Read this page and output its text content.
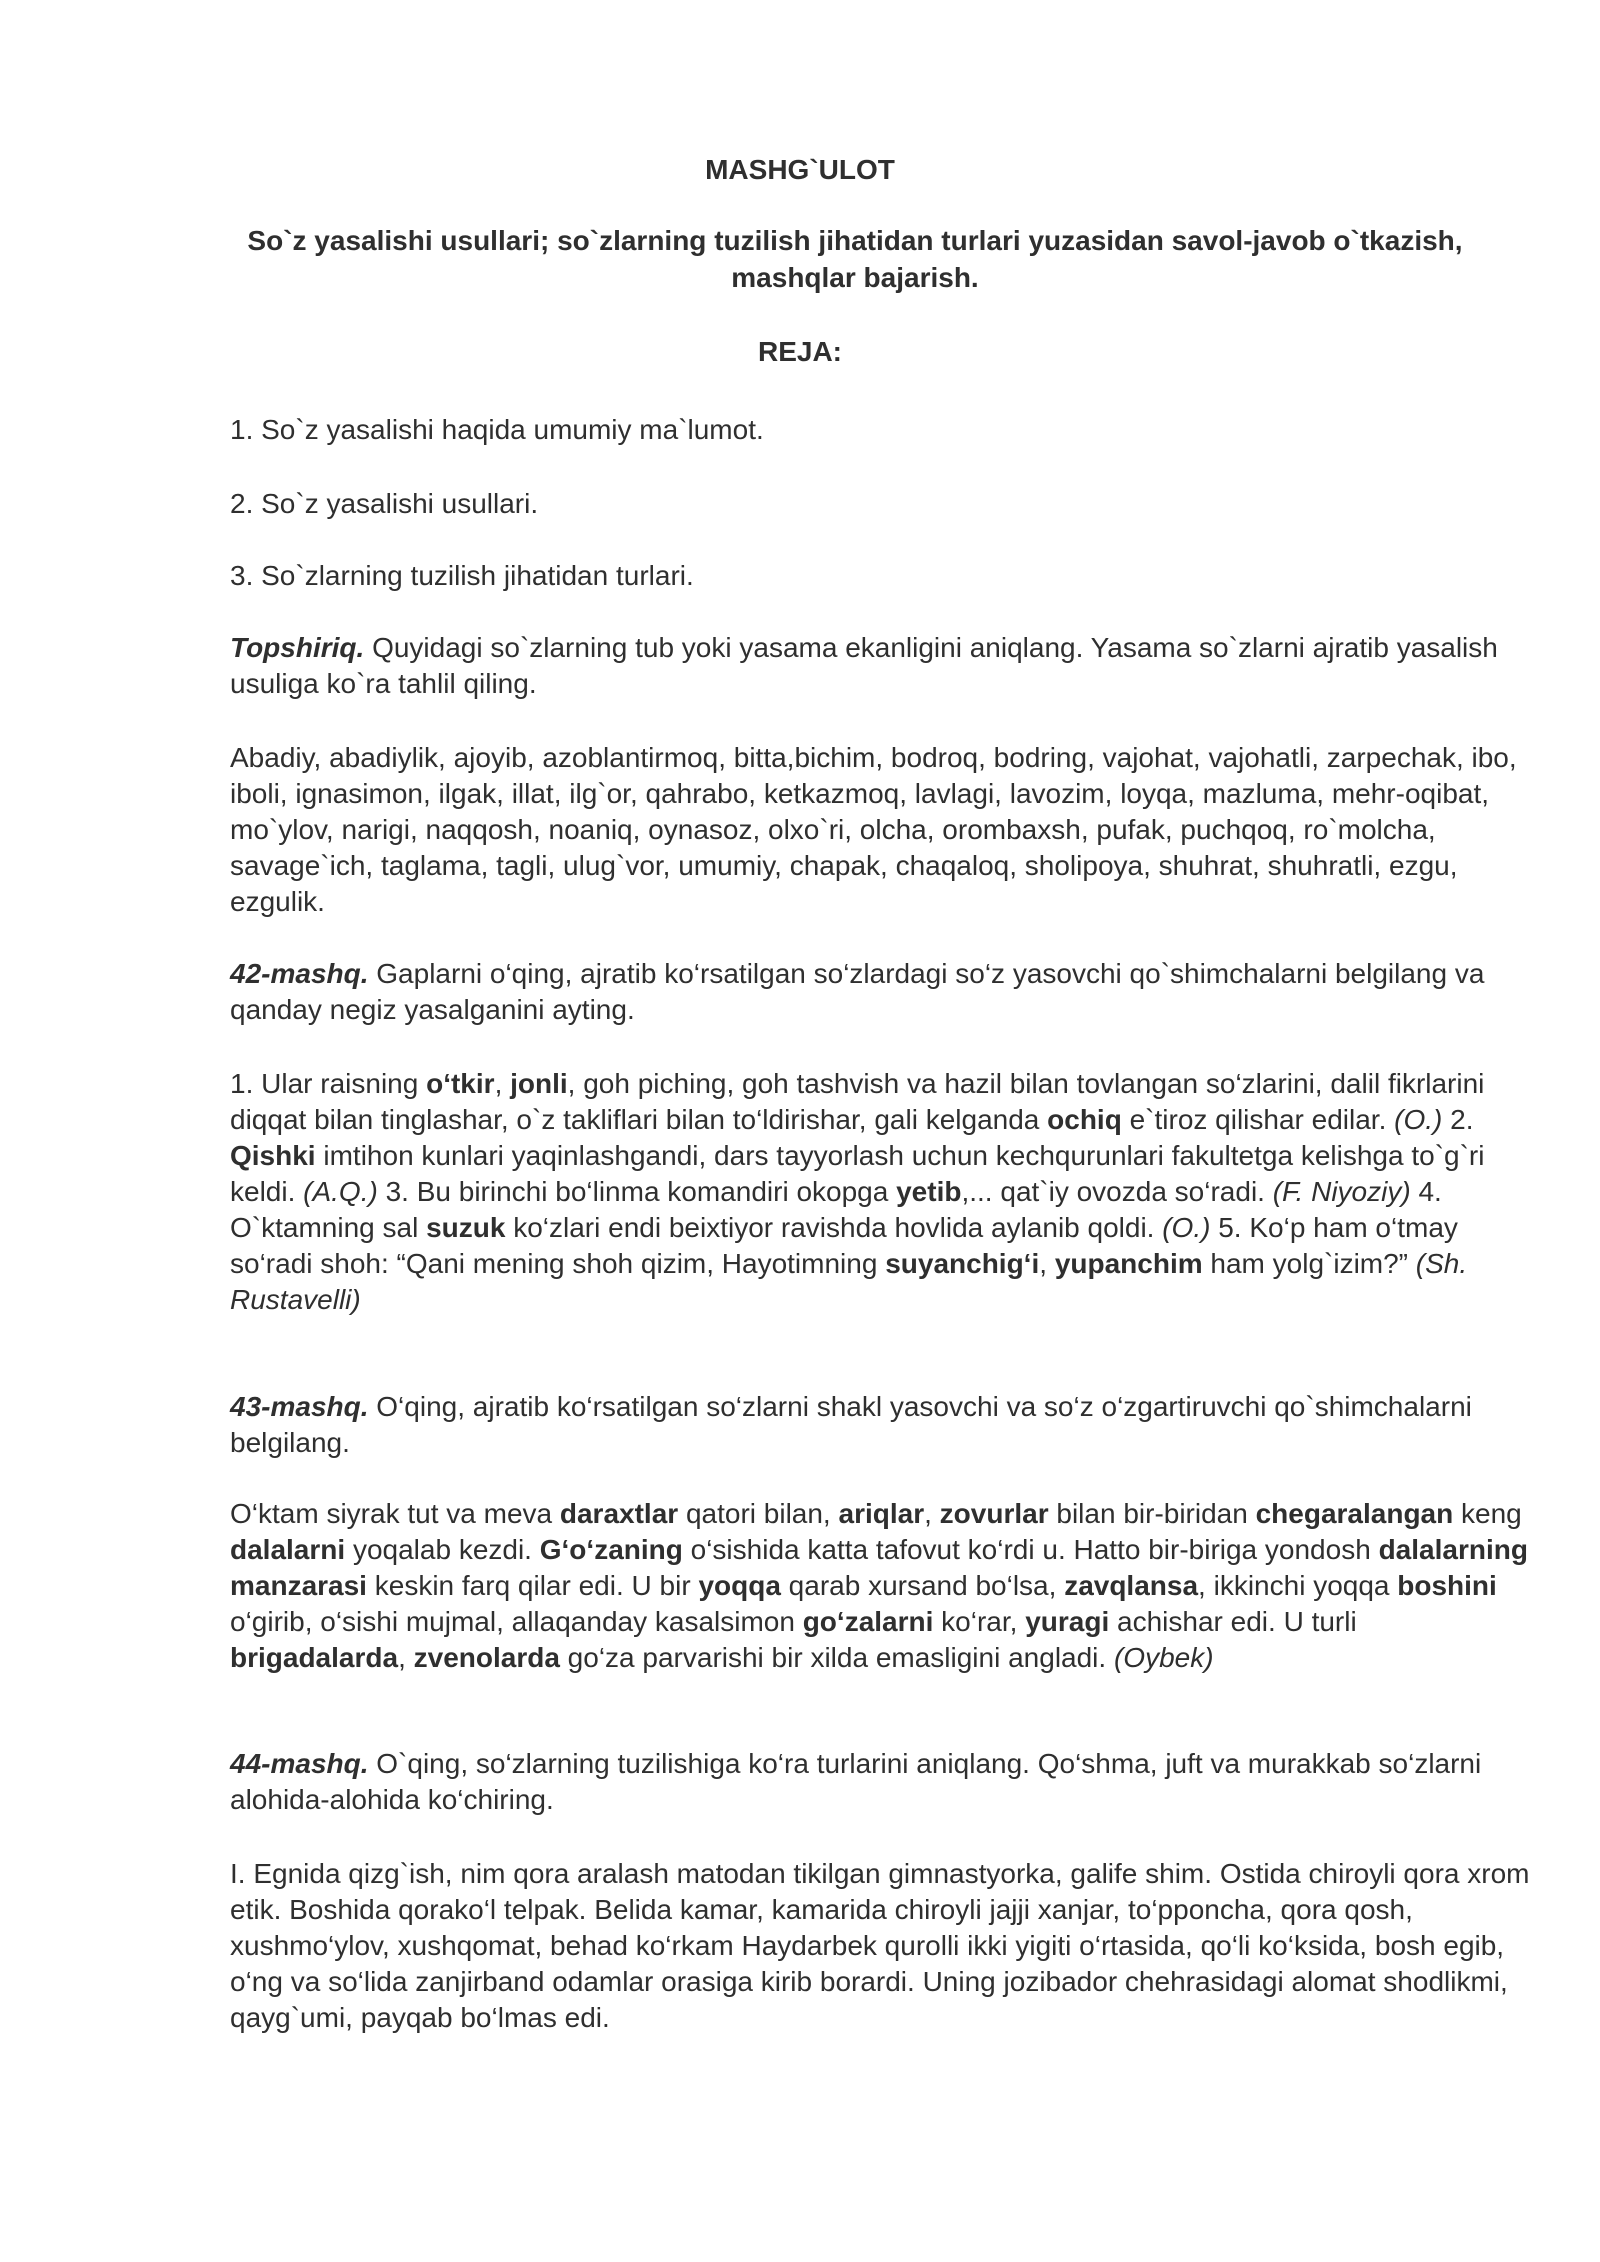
MASHG`ULOT
So`z yasalishi usullari; so`zlarning tuzilish jihatidan turlari yuzasidan savol-javob o`tkazish, mashqlar bajarish.
REJA:

1. So`z yasalishi haqida umumiy ma`lumot.

2. So`z yasalishi usullari.

3. So`zlarning tuzilish jihatidan turlari.

Topshiriq. Quyidagi so`zlarning tub yoki yasama ekanligini aniqlang. Yasama so`zlarni ajratib yasalish usuliga ko`ra tahlil qiling.

Abadiy, abadiylik, ajoyib, azoblantirmoq, bitta,bichim, bodroq, bodring, vajohat, vajohatli, zarpechak, ibo, iboli, ignasimon, ilgak, illat, ilg`or, qahrabo, ketkazmoq, lavlagi, lavozim, loyqa, mazluma, mehr-oqibat, mo`ylov, narigi, naqqosh, noaniq, oynasoz, olxo`ri, olcha, orombaxsh, pufak, puchqoq, ro`molcha, savage`ich, taglama, tagli, ulug`vor, umumiy, chapak, chaqaloq, sholipoya, shuhrat, shuhratli, ezgu, ezgulik.

42-mashq. Gaplarni o‘qing, ajratib ko‘rsatilgan so‘zlardagi so‘z yasovchi qo`shimchalarni belgilang va qanday negiz yasalganini ayting.

1. Ular raisning o‘tkir, jonli, goh piching, goh tashvish va hazil bilan tovlangan so‘zlarini, dalil fikrlarini diqqat bilan tinglashar, o`z takliflari bilan to‘ldirishar, gali kelganda ochiq e`tiroz qilishar edilar. (O.) 2. Qishki imtihon kunlari yaqinlashgandi, dars tayyorlash uchun kechqurunlari fakultetga kelishga to`g`ri keldi. (A.Q.) 3. Bu birinchi bo‘linma komandiri okopga yetib,... qat`iy ovozda so‘radi. (F. Niyoziy) 4. O`ktamning sal suzuk ko‘zlari endi beixtiyor ravishda hovlida aylanib qoldi. (O.) 5. Ko‘p ham o‘tmay so‘radi shoh: “Qani mening shoh qizim, Hayotimning suyanchig‘i, yupanchim ham yolg`izim?” (Sh. Rustavelli)

43-mashq. O‘qing, ajratib ko‘rsatilgan so‘zlarni shakl yasovchi va so‘z o‘zgartiruvchi qo`shimchalarni belgilang.

O‘ktam siyrak tut va meva daraxtlar qatori bilan, ariqlar, zovurlar bilan bir-biridan chegaralangan keng dalalarni yoqalab kezdi. G‘o‘zaning o‘sishida katta tafovut ko‘rdi u. Hatto bir-biriga yondosh dalalarning manzarasi keskin farq qilar edi. U bir yoqqa qarab xursand bo‘lsa, zavqlansa, ikkinchi yoqqa boshini o‘girib, o‘sishi mujmal, allaqanday kasalsimon go‘zalarni ko‘rar, yuragi achishar edi. U turli brigadalarda, zvenolarda go‘za parvarishi bir xilda emasligini angladi. (Oybek)

44-mashq. O`qing, so‘zlarning tuzilishiga ko‘ra turlarini aniqlang. Qo‘shma, juft va murakkab so‘zlarni alohida-alohida ko‘chiring.

I. Egnida qizg`ish, nim qora aralash matodan tikilgan gimnastyorka, galife shim. Ostida chiroyli qora xrom etik. Boshida qorako‘l telpak. Belida kamar, kamarida chiroyli jajji xanjar, to‘pponcha, qora qosh, xushmo‘ylov, xushqomat, behad ko‘rkam Haydarbek qurolli ikki yigiti o‘rtasida, qo‘li ko‘ksida, bosh egib, o‘ng va so‘lida zanjirband odamlar orasiga kirib borardi. Uning jozibador chehrasidagi alomat shodlikmi, qayg`umi, payqab bo‘lmas edi.
